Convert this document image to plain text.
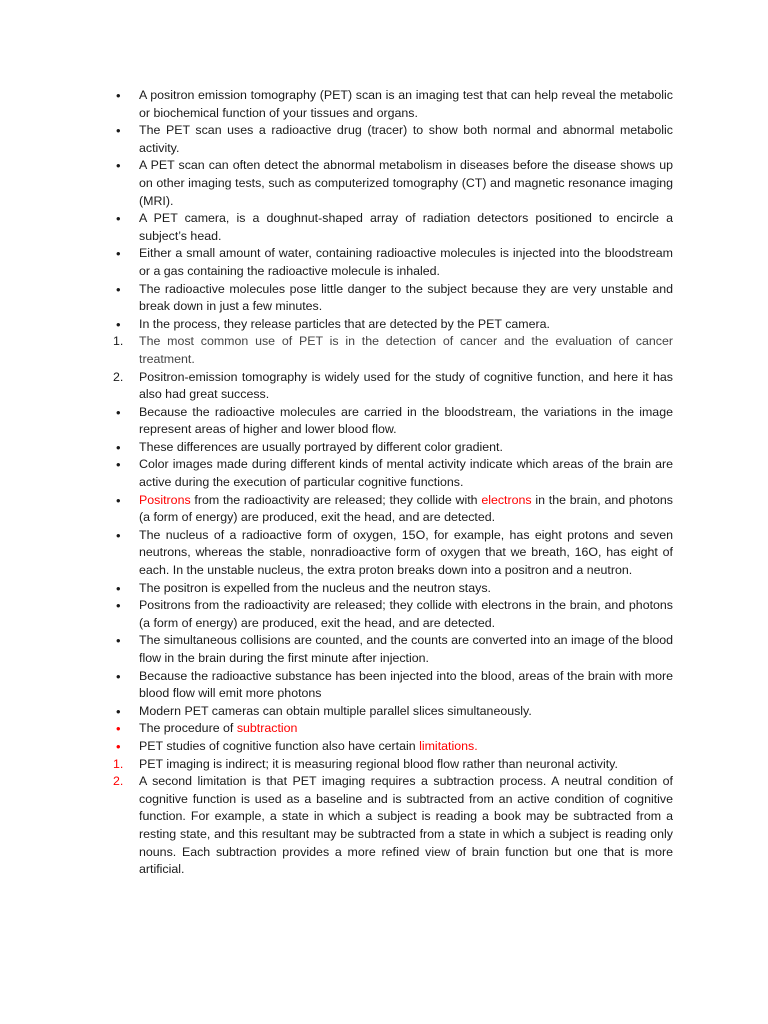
•	A positron emission tomography (PET) scan is an imaging test that can help reveal the metabolic or biochemical function of your tissues and organs.
•	The PET scan uses a radioactive drug (tracer) to show both normal and abnormal metabolic activity.
•	A PET scan can often detect the abnormal metabolism in diseases before the disease shows up on other imaging tests, such as computerized tomography (CT) and magnetic resonance imaging (MRI).
•	A PET camera, is a doughnut-shaped array of radiation detectors positioned to encircle a subject’s head.
•	Either a small amount of water, containing radioactive molecules is injected into the bloodstream or a gas containing the radioactive molecule is inhaled.
•	The radioactive molecules pose little danger to the subject because they are very unstable and break down in just a few minutes.
•	In the process, they release particles that are detected by the PET camera.
1.	The most common use of PET is in the detection of cancer and the evaluation of cancer treatment.
2.	Positron-emission tomography is widely used for the study of cognitive function, and here it has also had great success.
•	Because the radioactive molecules are carried in the bloodstream, the variations in the image represent areas of higher and lower blood flow.
•	These differences are usually portrayed by different color gradient.
•	Color images made during different kinds of mental activity indicate which areas of the brain are active during the execution of particular cognitive functions.
•	Positrons from the radioactivity are released; they collide with electrons in the brain, and photons (a form of energy) are produced, exit the head, and are detected.
•	The nucleus of a radioactive form of oxygen, 15O, for example, has eight protons and seven neutrons, whereas the stable, nonradioactive form of oxygen that we breath, 16O, has eight of each. In the unstable nucleus, the extra proton breaks down into a positron and a neutron.
•	The positron is expelled from the nucleus and the neutron stays.
•	Positrons from the radioactivity are released; they collide with electrons in the brain, and photons (a form of energy) are produced, exit the head, and are detected.
•	The simultaneous collisions are counted, and the counts are converted into an image of the blood flow in the brain during the first minute after injection.
•	Because the radioactive substance has been injected into the blood, areas of the brain with more blood flow will emit more photons
•	Modern PET cameras can obtain multiple parallel slices simultaneously.
•	The procedure of subtraction
•	PET studies of cognitive function also have certain limitations.
1.	PET imaging is indirect; it is measuring regional blood flow rather than neuronal activity.
2.	A second limitation is that PET imaging requires a subtraction process. A neutral condition of cognitive function is used as a baseline and is subtracted from an active condition of cognitive function. For example, a state in which a subject is reading a book may be subtracted from a resting state, and this resultant may be subtracted from a state in which a subject is reading only nouns. Each subtraction provides a more refined view of brain function but one that is more artificial.
